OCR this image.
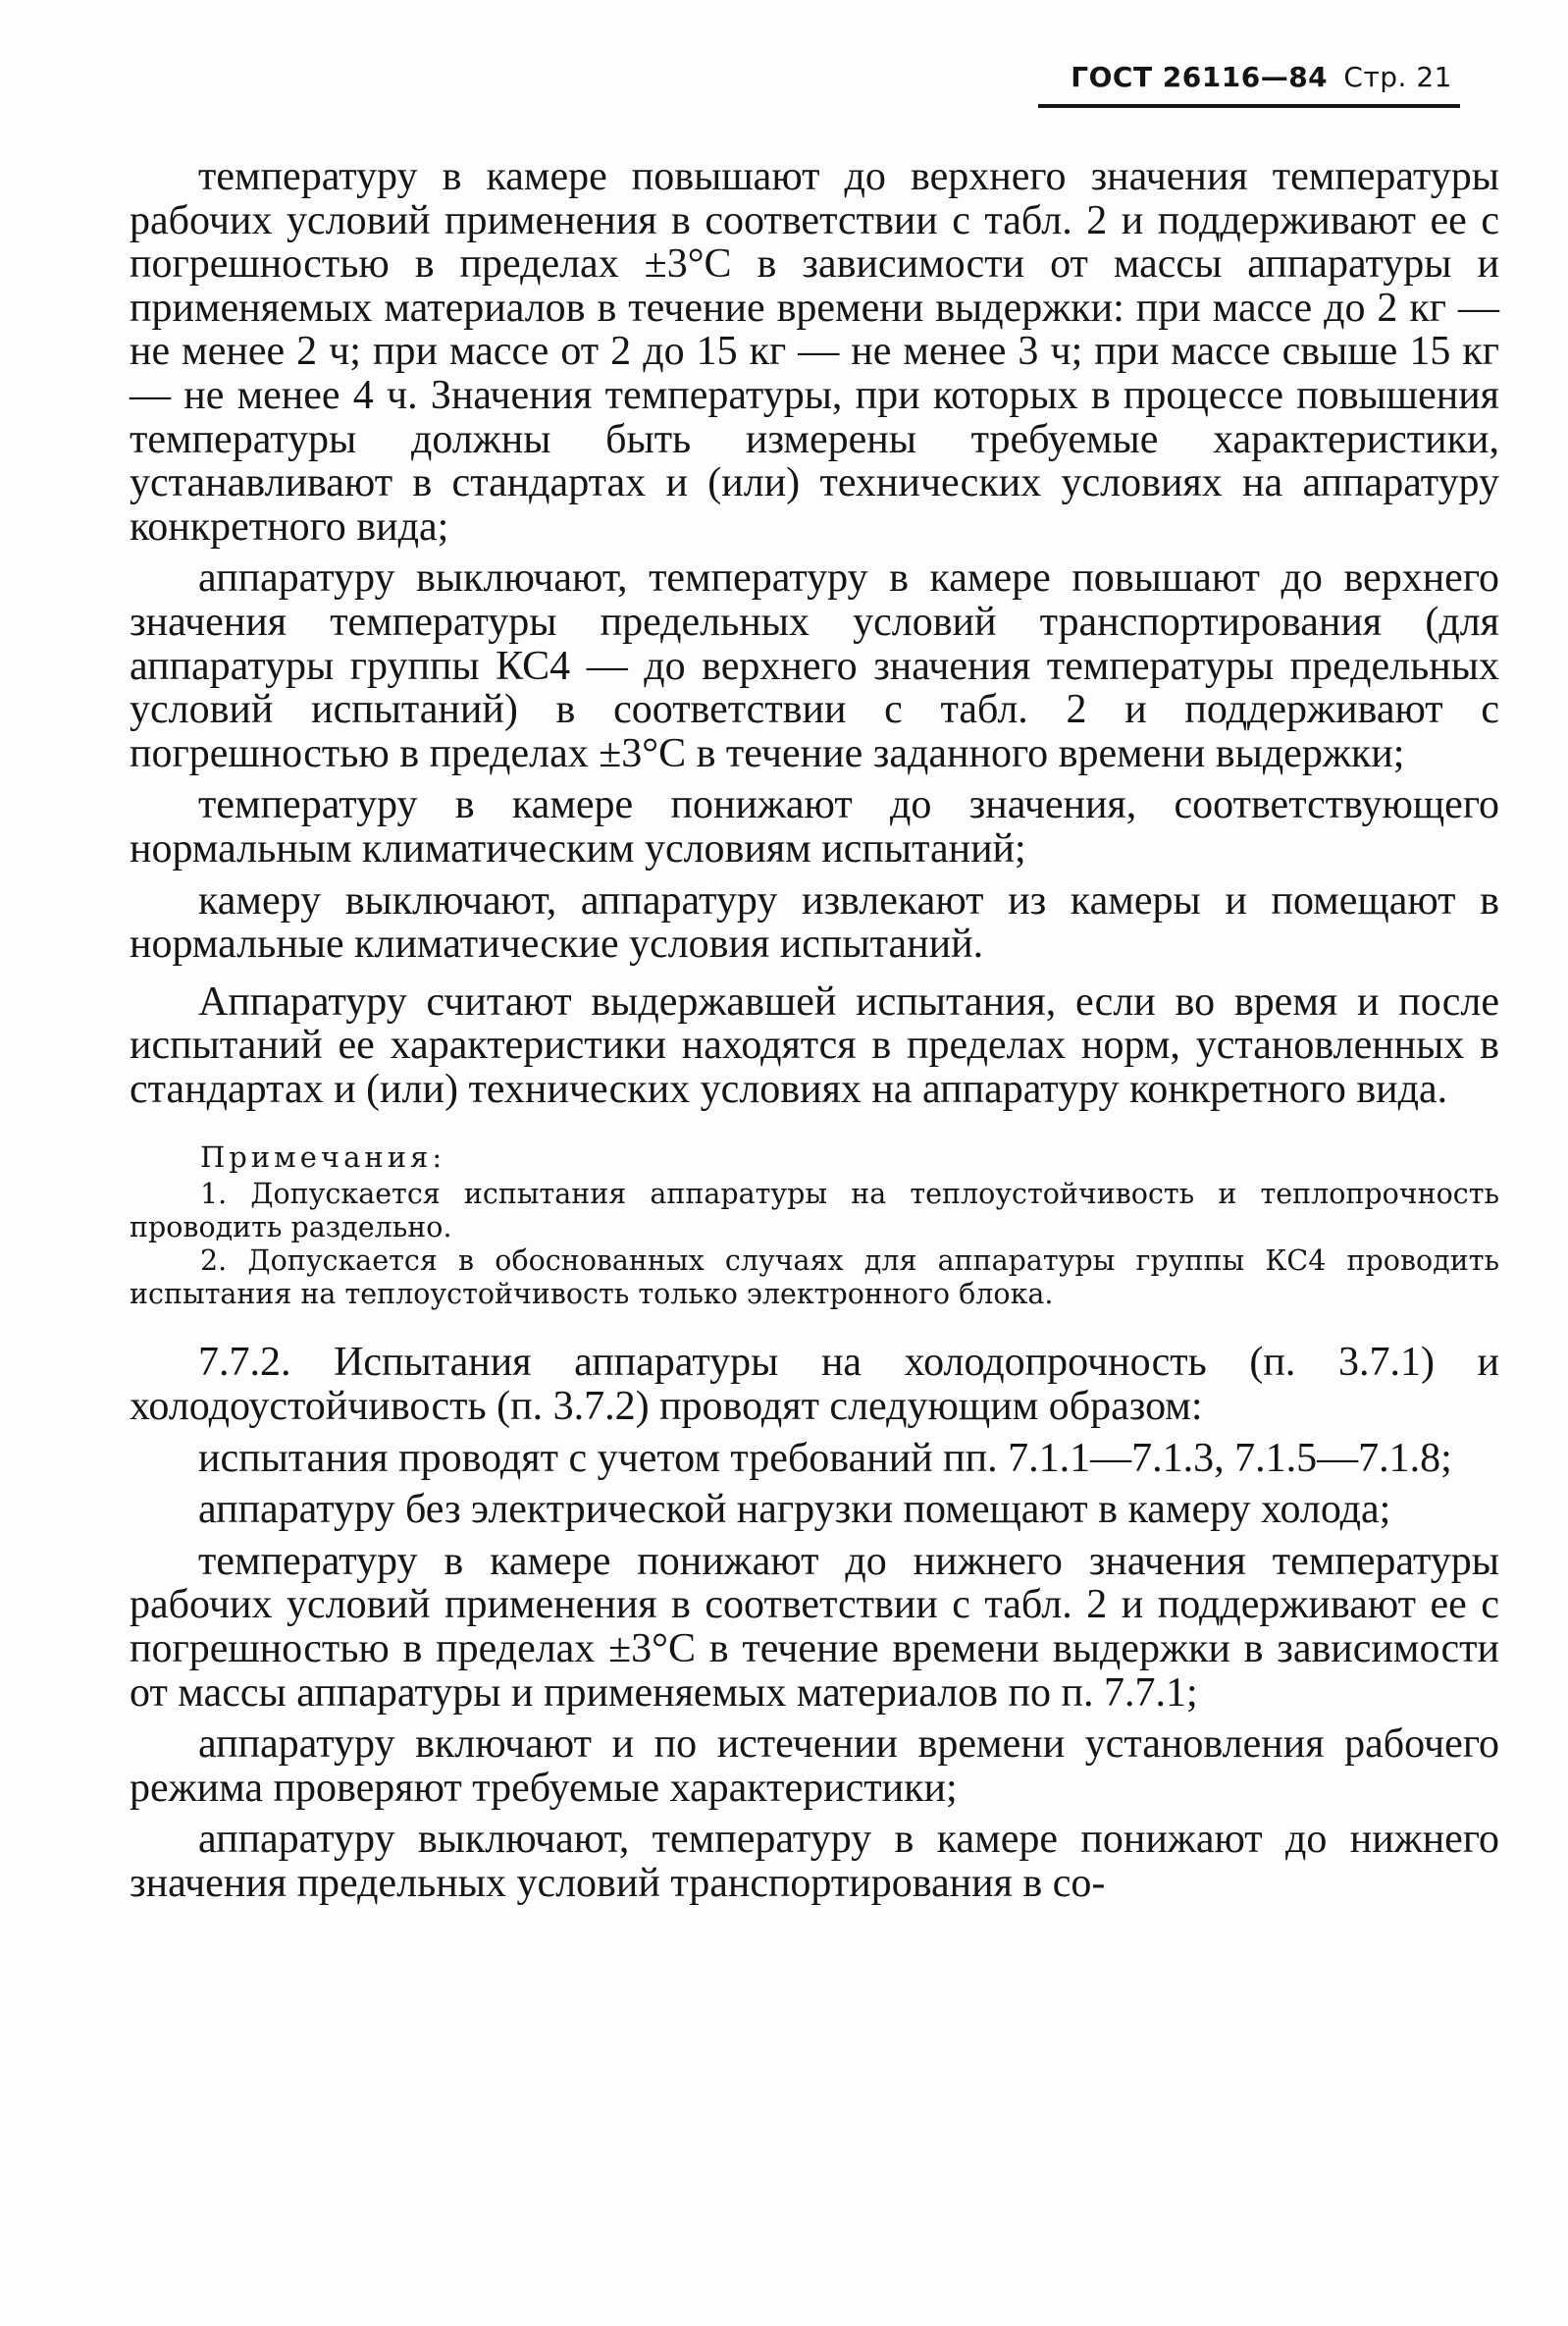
ГОСТ 26116—84 Стр. 21

температуру в камере повышают до верхнего значения температуры рабочих условий применения в соответствии с табл. 2 и поддерживают ее с погрешностью в пределах ±3°С в зависимости от массы аппаратуры и применяемых материалов в течение времени выдержки: при массе до 2 кг — не менее 2 ч; при массе от 2 до 15 кг — не менее 3 ч; при массе свыше 15 кг — не менее 4 ч. Значения температуры, при которых в процессе повышения температуры должны быть измерены требуемые характеристики, устанавливают в стандартах и (или) технических условиях на аппаратуру конкретного вида;

аппаратуру выключают, температуру в камере повышают до верхнего значения температуры предельных условий транспортирования (для аппаратуры группы КС4 — до верхнего значения температуры предельных условий испытаний) в соответствии с табл. 2 и поддерживают с погрешностью в пределах ±3°С в течение заданного времени выдержки;

температуру в камере понижают до значения, соответствующего нормальным климатическим условиям испытаний;

камеру выключают, аппаратуру извлекают из камеры и помещают в нормальные климатические условия испытаний.

Аппаратуру считают выдержавшей испытания, если во время и после испытаний ее характеристики находятся в пределах норм, установленных в стандартах и (или) технических условиях на аппаратуру конкретного вида.

Примечания:

1. Допускается испытания аппаратуры на теплоустойчивость и теплопрочность проводить раздельно.

2. Допускается в обоснованных случаях для аппаратуры группы КС4 проводить испытания на теплоустойчивость только электронного блока.

7.7.2. Испытания аппаратуры на холодопрочность (п. 3.7.1) и холодоустойчивость (п. 3.7.2) проводят следующим образом:

испытания проводят с учетом требований пп. 7.1.1—7.1.3, 7.1.5—7.1.8;

аппаратуру без электрической нагрузки помещают в камеру холода;

температуру в камере понижают до нижнего значения температуры рабочих условий применения в соответствии с табл. 2 и поддерживают ее с погрешностью в пределах ±3°С в течение времени выдержки в зависимости от массы аппаратуры и применяемых материалов по п. 7.7.1;

аппаратуру включают и по истечении времени установления рабочего режима проверяют требуемые характеристики;

аппаратуру выключают, температуру в камере понижают до нижнего значения предельных условий транспортирования в со-
